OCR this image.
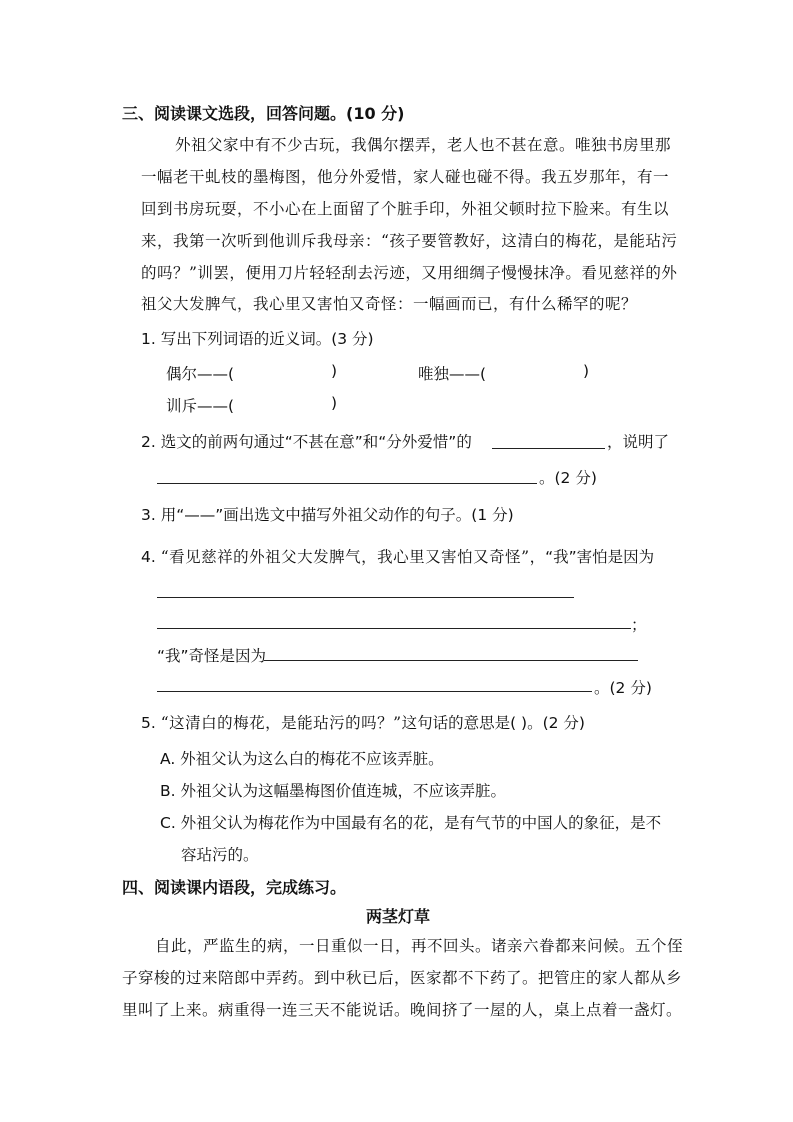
三、阅读课文选段，回答问题。(10 分)
外祖父家中有不少古玩，我偶尔摆弄，老人也不甚在意。唯独书房里那
一幅老干虬枝的墨梅图，他分外爱惜，家人碰也碰不得。我五岁那年，有一
回到书房玩耍，不小心在上面留了个脏手印，外祖父顿时拉下脸来。有生以
来，我第一次听到他训斥我母亲：“孩子要管教好，这清白的梅花，是能玷污
的吗？”训罢，便用刀片轻轻刮去污迹，又用细绸子慢慢抹净。看见慈祥的外
祖父大发脾气，我心里又害怕又奇怪：一幅画而已，有什么稀罕的呢？
1. 写出下列词语的近义词。(3 分)
偶尔——(	)	唯独——(	)
训斥——(	)
2. 选文的前两句通过“不甚在意”和“分外爱惜”的	，说明了
。(2 分)
3. 用“——”画出选文中描写外祖父动作的句子。(1 分)
4. “看见慈祥的外祖父大发脾气，我心里又害怕又奇怪”，“我”害怕是因为
；
“我”奇怪是因为
。(2 分)
5. “这清白的梅花，是能玷污的吗？”这句话的意思是( )。(2 分)
A. 外祖父认为这么白的梅花不应该弄脏。
B. 外祖父认为这幅墨梅图价值连城，不应该弄脏。
C. 外祖父认为梅花作为中国最有名的花，是有气节的中国人的象征，是不
容玷污的。
四、阅读课内语段，完成练习。
两茎灯草
自此，严监生的病，一日重似一日，再不回头。诸亲六眷都来问候。五个侄
子穿梭的过来陪郎中弄药。到中秋已后，医家都不下药了。把管庄的家人都从乡
里叫了上来。病重得一连三天不能说话。晚间挤了一屋的人，桌上点着一盏灯。
